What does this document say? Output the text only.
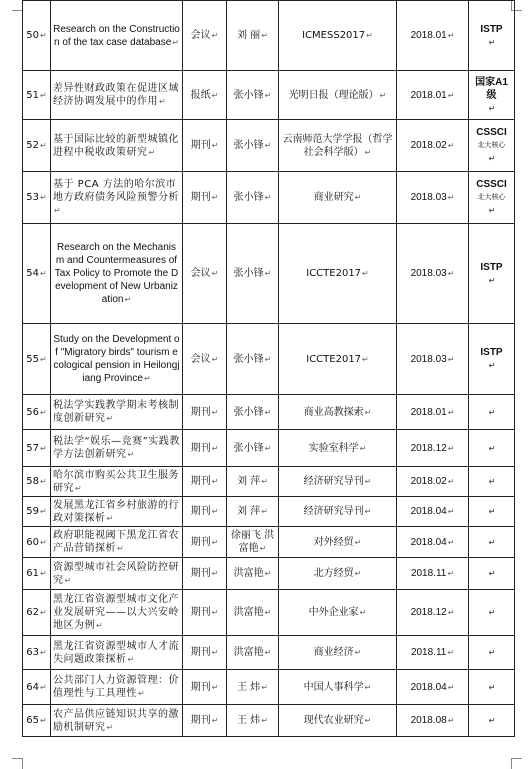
50↵	Research on the Construction of the tax case database↵	会议↵	刘 丽↵	ICMESS2017↵	2018.01↵	ISTP
↵
51↵	差异性财政政策在促进区域经济协调发展中的作用↵	报纸↵	张小锋↵	光明日报（理论版）↵	2018.01↵	国家A1级
↵
52↵	基于国际比较的新型城镇化进程中税收政策研究↵	期刊↵	张小锋↵	云南师范大学学报（哲学社会科学版）↵	2018.02↵	CSSCI
北大核心
↵
53↵	基于 PCA 方法的哈尔滨市地方政府债务风险预警分析↵	期刊↵	张小锋↵	商业研究↵	2018.03↵	CSSCI
北大核心
↵
54↵	Research on the Mechanism and Countermeasures of Tax Policy to Promote the Development of New Urbanization↵	会议↵	张小锋↵	ICCTE2017↵	2018.03↵	ISTP
↵
55↵	Study on the Development of "Migratory birds" tourism ecological pension in Heilongjiang Province↵	会议↵	张小锋↵	ICCTE2017↵	2018.03↵	ISTP
↵
56↵	税法学实践教学期末考核制度创新研究↵	期刊↵	张小锋↵	商业高教探索↵	2018.01↵	↵
57↵	税法学“娱乐—竞赛”实践教学方法创新研究↵	期刊↵	张小锋↵	实验室科学↵	2018.12↵	↵
58↵	哈尔滨市购买公共卫生服务研究↵	期刊↵	刘 萍↵	经济研究导刊↵	2018.02↵	↵
59↵	发展黑龙江省乡村旅游的行政对策探析↵	期刊↵	刘 萍↵	经济研究导刊↵	2018.04↵	↵
60↵	政府职能视阈下黑龙江省农产品营销探析↵	期刊↵	徐丽飞 洪富艳↵	对外经贸↵	2018.04↵	↵
61↵	资源型城市社会风险防控研究↵	期刊↵	洪富艳↵	北方经贸↵	2018.11↵	↵
62↵	黑龙江省资源型城市文化产业发展研究——以大兴安岭地区为例↵	期刊↵	洪富艳↵	中外企业家↵	2018.12↵	↵
63↵	黑龙江省资源型城市人才流失问题政策探析↵	期刊↵	洪富艳↵	商业经济↵	2018.11↵	↵
64↵	公共部门人力资源管理：价值理性与工具理性↵	期刊↵	王 炜↵	中国人事科学↵	2018.04↵	↵
65↵	农产品供应链知识共享的激励机制研究↵	期刊↵	王 炜↵	现代农业研究↵	2018.08↵	↵
